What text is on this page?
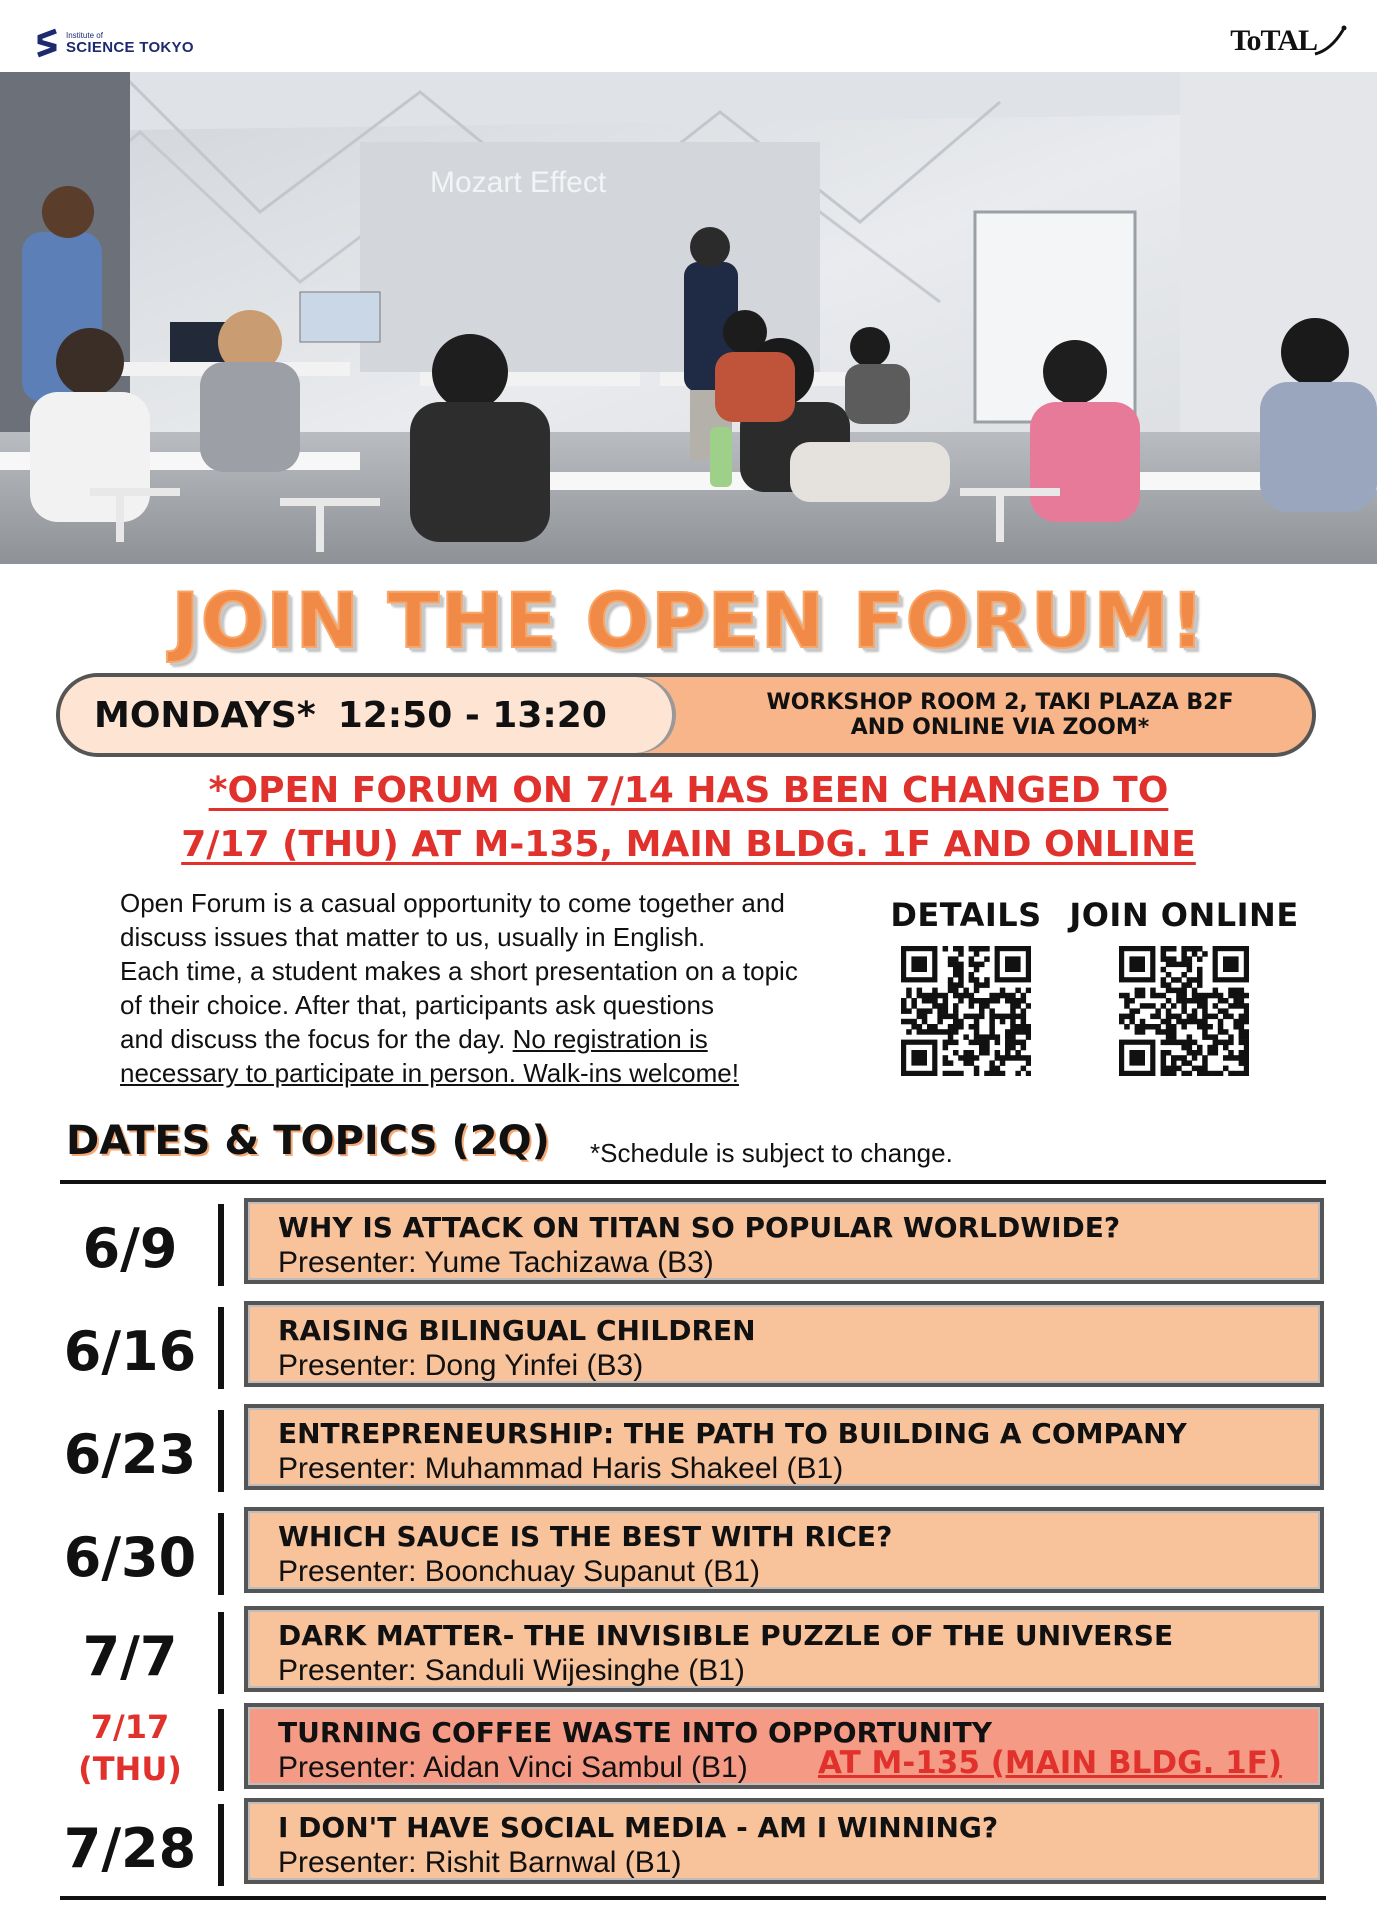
Institute of
SCIENCE TOKYO	ToTAL
Mozart Effect
JOIN THE OPEN FORUM!
MONDAYS* 12:50 - 13:20	WORKSHOP ROOM 2, TAKI PLAZA B2F
AND ONLINE VIA ZOOM*
*OPEN FORUM ON 7/14 HAS BEEN CHANGED TO
7/17 (THU) AT M-135, MAIN BLDG. 1F AND ONLINE
Open Forum is a casual opportunity to come together and
discuss issues that matter to us, usually in English.
Each time, a student makes a short presentation on a topic
of their choice. After that, participants ask questions
and discuss the focus for the day. No registration is
necessary to participate in person. Walk-ins welcome!
DETAILS JOIN ONLINE
DATES & TOPICS (2Q) *Schedule is subject to change.
6/9	WHY IS ATTACK ON TITAN SO POPULAR WORLDWIDE?
Presenter: Yume Tachizawa (B3)
6/16	RAISING BILINGUAL CHILDREN
Presenter: Dong Yinfei (B3)
6/23	ENTREPRENEURSHIP: THE PATH TO BUILDING A COMPANY
Presenter: Muhammad Haris Shakeel (B1)
6/30	WHICH SAUCE IS THE BEST WITH RICE?
Presenter: Boonchuay Supanut (B1)
7/7	DARK MATTER- THE INVISIBLE PUZZLE OF THE UNIVERSE
Presenter: Sanduli Wijesinghe (B1)
7/17
(THU)
TURNING COFFEE WASTE INTO OPPORTUNITY
Presenter: Aidan Vinci Sambul (B1)	AT M-135 (MAIN BLDG. 1F)
7/28	I DON'T HAVE SOCIAL MEDIA - AM I WINNING?
Presenter: Rishit Barnwal (B1)
